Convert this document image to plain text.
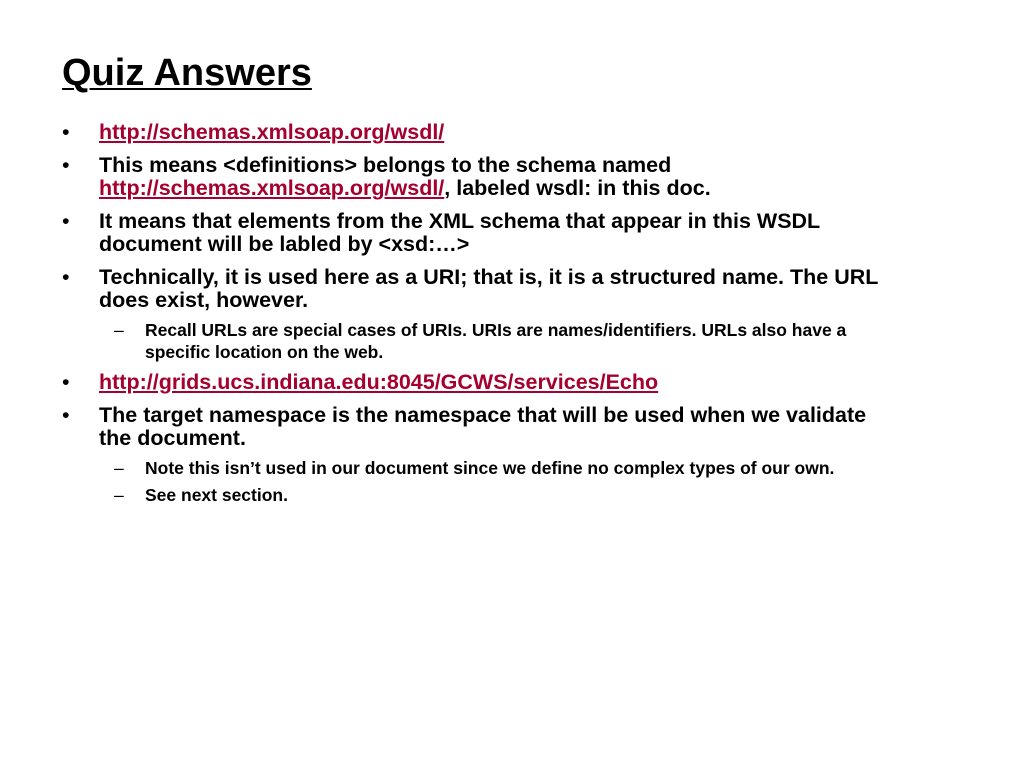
Quiz Answers
• http://schemas.xmlsoap.org/wsdl/
• This means <definitions> belongs to the schema named http://schemas.xmlsoap.org/wsdl/, labeled wsdl: in this doc.
• It means that elements from the XML schema that appear in this WSDL document will be labled by <xsd:…>
• Technically, it is used here as a URI; that is, it is a structured name. The URL does exist, however.
– Recall URLs are special cases of URIs. URIs are names/identifiers. URLs also have a specific location on the web.
• http://grids.ucs.indiana.edu:8045/GCWS/services/Echo
• The target namespace is the namespace that will be used when we validate the document.
– Note this isn’t used in our document since we define no complex types of our own.
– See next section.
